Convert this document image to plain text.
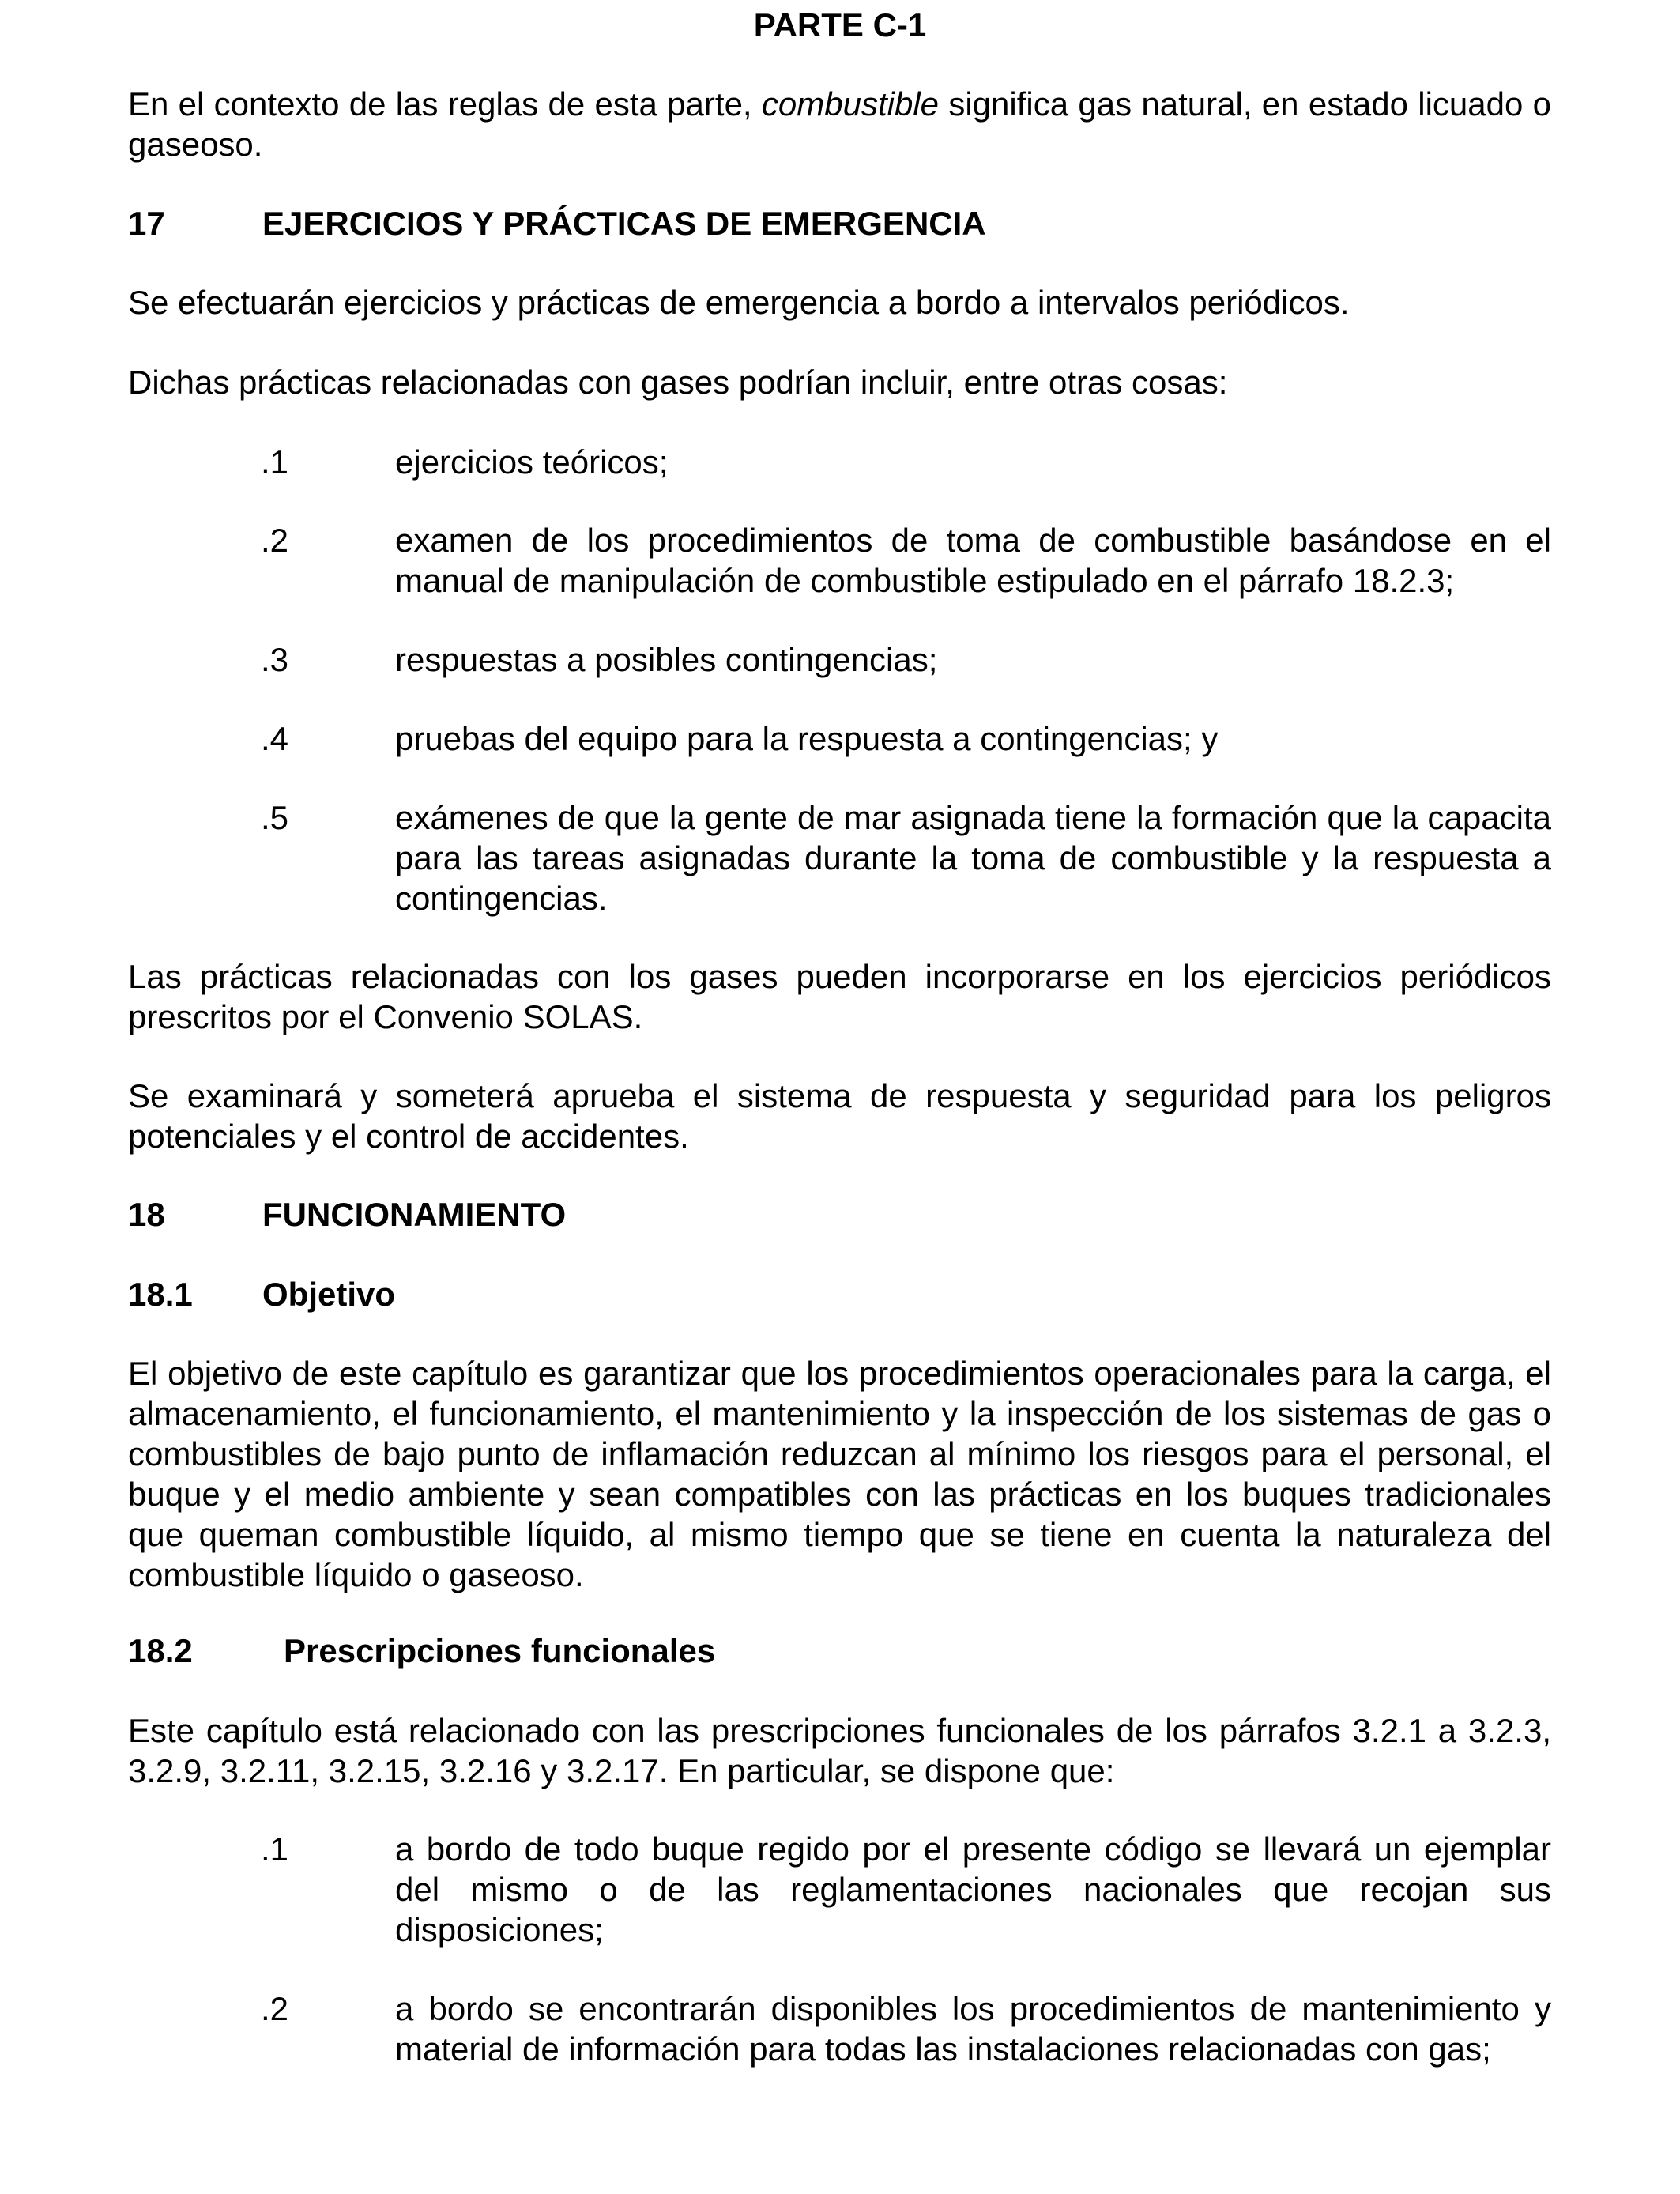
PARTE C-1
En el contexto de las reglas de esta parte, combustible significa gas natural, en estado licuado o gaseoso.
17	EJERCICIOS Y PRÁCTICAS DE EMERGENCIA
Se efectuarán ejercicios y prácticas de emergencia a bordo a intervalos periódicos.
Dichas prácticas relacionadas con gases podrían incluir, entre otras cosas:
.1	ejercicios teóricos;
.2	examen de los procedimientos de toma de combustible basándose en el manual de manipulación de combustible estipulado en el párrafo 18.2.3;
.3	respuestas a posibles contingencias;
.4	pruebas del equipo para la respuesta a contingencias; y
.5	exámenes de que la gente de mar asignada tiene la formación que la capacita para las tareas asignadas durante la toma de combustible y la respuesta a contingencias.
Las prácticas relacionadas con los gases pueden incorporarse en los ejercicios periódicos prescritos por el Convenio SOLAS.
Se examinará y someterá aprueba el sistema de respuesta y seguridad para los peligros potenciales y el control de accidentes.
18	FUNCIONAMIENTO
18.1 Objetivo
El objetivo de este capítulo es garantizar que los procedimientos operacionales para la carga, el almacenamiento, el funcionamiento, el mantenimiento y la inspección de los sistemas de gas o combustibles de bajo punto de inflamación reduzcan al mínimo los riesgos para el personal, el buque y el medio ambiente y sean compatibles con las prácticas en los buques tradicionales que queman combustible líquido, al mismo tiempo que se tiene en cuenta la naturaleza del combustible líquido o gaseoso.
18.2	Prescripciones funcionales
Este capítulo está relacionado con las prescripciones funcionales de los párrafos 3.2.1 a 3.2.3, 3.2.9, 3.2.11, 3.2.15, 3.2.16 y 3.2.17. En particular, se dispone que:
.1	a bordo de todo buque regido por el presente código se llevará un ejemplar del mismo o de las reglamentaciones nacionales que recojan sus disposiciones;
.2	a bordo se encontrarán disponibles los procedimientos de mantenimiento y material de información para todas las instalaciones relacionadas con gas;
